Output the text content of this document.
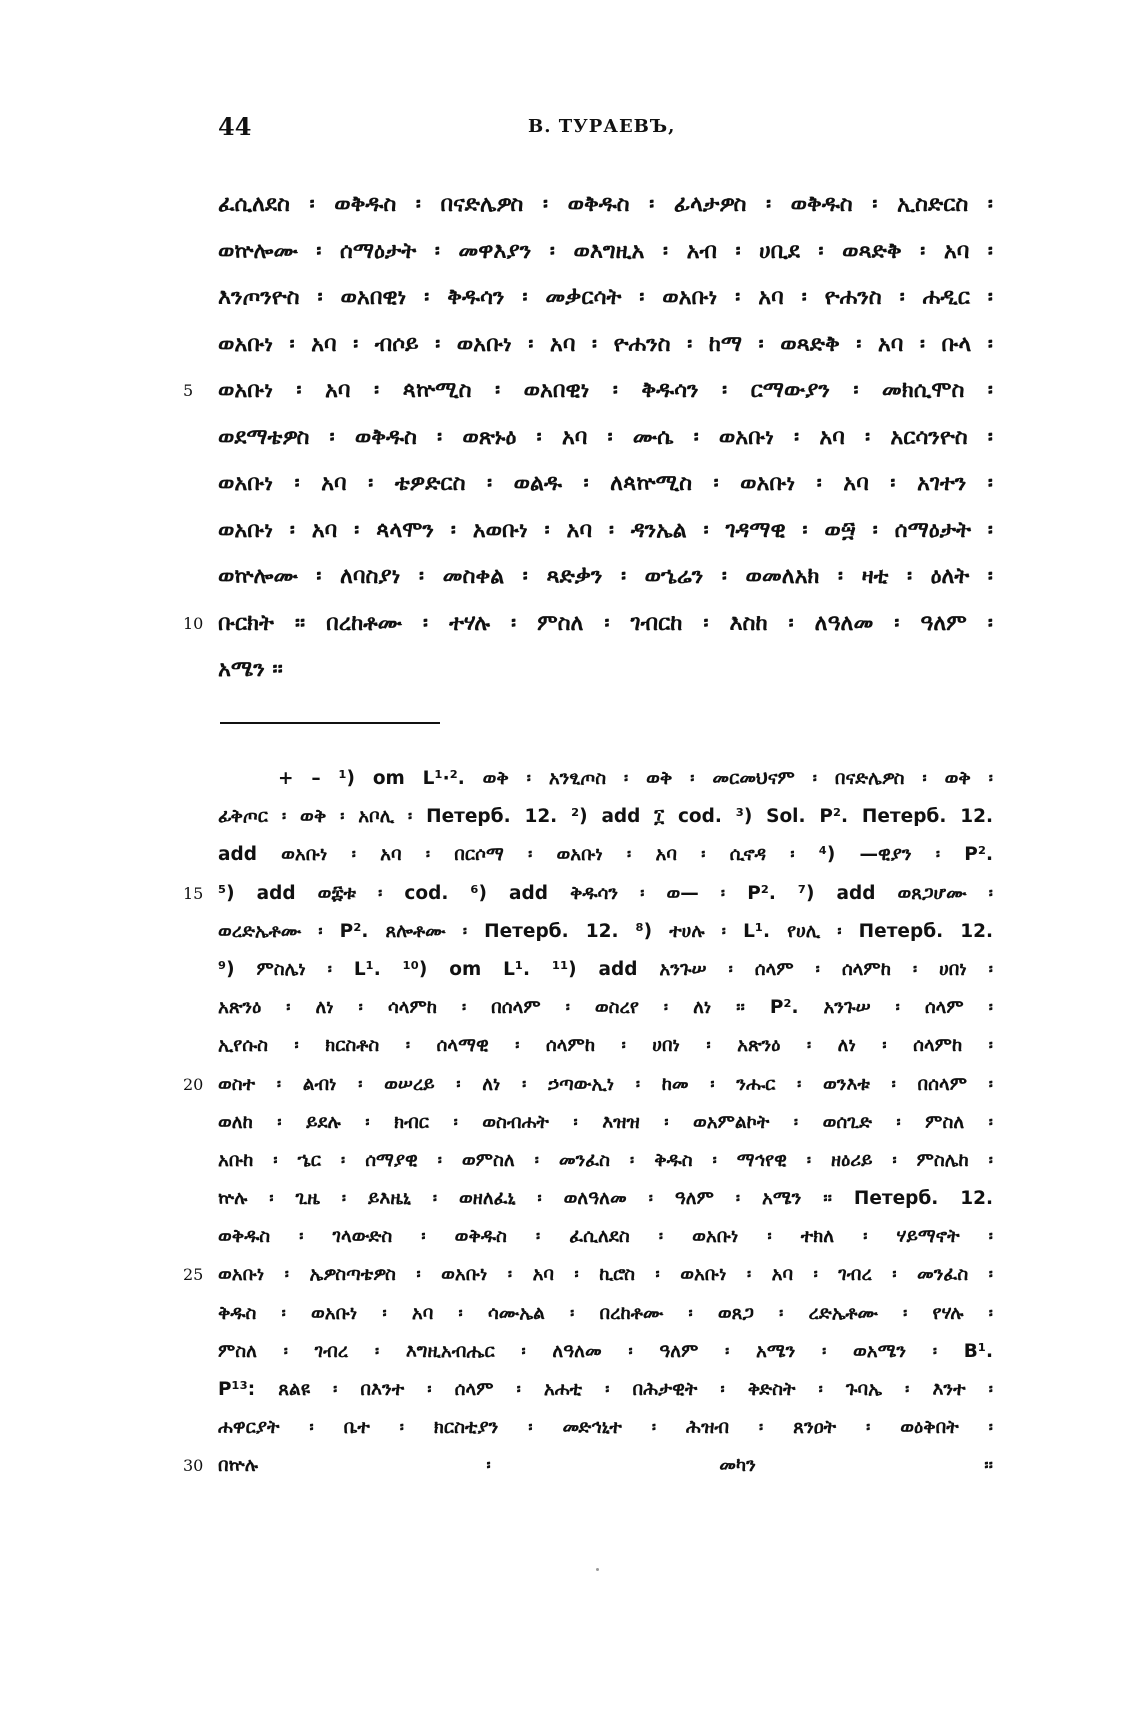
44	В. ТУРАЕВЪ,
ፈሲለደስ ፡ ወቅዱስ ፡ በናድሌዎስ ፡ ወቅዱስ ፡ ፊላታዎስ ፡ ወቅዱስ ፡ ኢስድርስ ፡
ወኵሎሙ ፡ ሰማዕታት ፡ መዋእያን ፡ ወእግዚአ ፡ አብ ፡ ሀቢደ ፡ ወጻድቅ ፡ አባ ፡
እንጦንዮስ ፡ ወአበዊነ ፡ ቅዱሳን ፡ መቃርሳት ፡ ወአቡነ ፡ አባ ፡ ዮሐንስ ፡ ሐዲር ፡
ወአቡነ ፡ አባ ፡ ብሶይ ፡ ወአቡነ ፡ አባ ፡ ዮሐንስ ፡ ከማ ፡ ወጻድቅ ፡ አባ ፡ ቡላ ፡
5	ወአቡነ ፡ አባ ፡ ጳኵሚስ ፡ ወአበዊነ ፡ ቅዱሳን ፡ ርማውያን ፡ መክሲሞስ ፡
ወደማቴዎስ ፡ ወቅዱስ ፡ ወጽኑዕ ፡ አባ ፡ ሙሴ ፡ ወአቡነ ፡ አባ ፡ አርሳንዮስ ፡
ወአቡነ ፡ አባ ፡ ቴዎድርስ ፡ ወልዱ ፡ ለጳኵሚስ ፡ ወአቡነ ፡ አባ ፡ አገተን ፡
ወአቡነ ፡ አባ ፡ ጳላሞን ፡ አወቡነ ፡ አባ ፡ ዳንኤል ፡ ገዳማዊ ፡ ወ፵ ፡ ሰማዕታት ፡
ወኵሎሙ ፡ ለባስያነ ፡ መስቀል ፡ ጻድቃን ፡ ወኄሬን ፡ ወመለአክ ፡ ዛቲ ፡ ዕለት ፡
10 ቡርክት ፡፡ በረከቶሙ ፡ ተሃሉ ፡ ምስለ ፡ ገብርከ ፡ እስከ ፡ ለዓለመ ፡ ዓለም ፡
አሜን ፡፡
+ – ¹) om L¹·². ወቅ ፡ አንፂጦስ ፡ ወቅ ፡ መርመህናም ፡ በናድሌዎስ ፡ ወቅ ፡
ፊቅጦር ፡ ወቅ ፡ አቦሊ ፡ Петерб. 12. ²) add ፲ cod. ³) Sol. P². Петерб. 12.
add ወአቡነ ፡ አባ ፡ በርሶማ ፡ ወአቡነ ፡ አባ ፡ ሲኖዳ ፡ ⁴) —ዊያን ፡ P².
15 ⁵) add ወ፰ቱ ፡ cod. ⁶) add ቅዱሳን ፡ ወ— ፡ P². ⁷) add ወጸጋሆሙ ፡
ወረድኤቶሙ ፡ P². ጸሎቶሙ ፡ Петерб. 12. ⁸) ተሀሉ ፡ L¹. የሀሊ ፡ Петерб. 12.
⁹) ምስሌነ ፡ L¹. ¹⁰) om L¹. ¹¹) add አንጉሠ ፡ ሰላም ፡ ሰላምከ ፡ ሀበነ ፡
አጽንዕ ፡ ለነ ፡ ሳላምከ ፡ በሰላም ፡ ወስረየ ፡ ለነ ፡፡ P². አንጉሠ ፡ ሰላም ፡
ኢየሱስ ፡ ክርስቶስ ፡ ሰላማዊ ፡ ሰላምከ ፡ ሀበነ ፡ አጽንዕ ፡ ለነ ፡ ሰላምከ ፡
20 ወስተ ፡ ልብነ ፡ ወሠረይ ፡ ለነ ፡ ኃጣውኢነ ፡ ከመ ፡ ንሑር ፡ ወንእቱ ፡ በሰላም ፡
ወለከ ፡ ይደሉ ፡ ክብር ፡ ወስብሐት ፡ እዝዝ ፡ ወአምልኮት ፡ ወሰጊድ ፡ ምስለ ፡
አቡከ ፡ ኄር ፡ ሰማያዊ ፡ ወምስለ ፡ መንፈስ ፡ ቅዱስ ፡ ማኅየዊ ፡ ዘዕሪይ ፡ ምስሌከ ፡
ኵሉ ፡ ጊዜ ፡ ይእዜኒ ፡ ወዘለፈኒ ፡ ወለዓለመ ፡ ዓለም ፡ አሜን ፡፡ Петерб. 12.
ወቅዱስ ፡ ገላውድስ ፡ ወቅዱስ ፡ ፈሲለደስ ፡ ወአቡነ ፡ ተክለ ፡ ሃይማኖት ፡
25 ወአቡነ ፡ ኤዎስጣቴዎስ ፡ ወአቡነ ፡ አባ ፡ ኪሮስ ፡ ወአቡነ ፡ አባ ፡ ገብረ ፡ መንፈስ ፡
ቅዱስ ፡ ወአቡነ ፡ አባ ፡ ሳሙኤል ፡ በረከቶሙ ፡ ወጸጋ ፡ ረድኤቶሙ ፡ የሃሉ ፡
ምስለ ፡ ገብረ ፡ እግዚአብሔር ፡ ለዓለመ ፡ ዓለም ፡ አሜን ፡ ወአሜን ፡ B¹.
P¹³: ጸልዩ ፡ በእንተ ፡ ሰላም ፡ አሐቲ ፡ በሕታዊት ፡ ቅድስት ፡ ጉባኤ ፡ እንተ ፡
ሐዋርያት ፡ ቤተ ፡ ክርስቲያን ፡ መድኅኒተ ፡ ሕዝብ ፡ ጸንዐት ፡ ወዕቅበት ፡
30 በኵሉ ፡ መካን ፡፡
